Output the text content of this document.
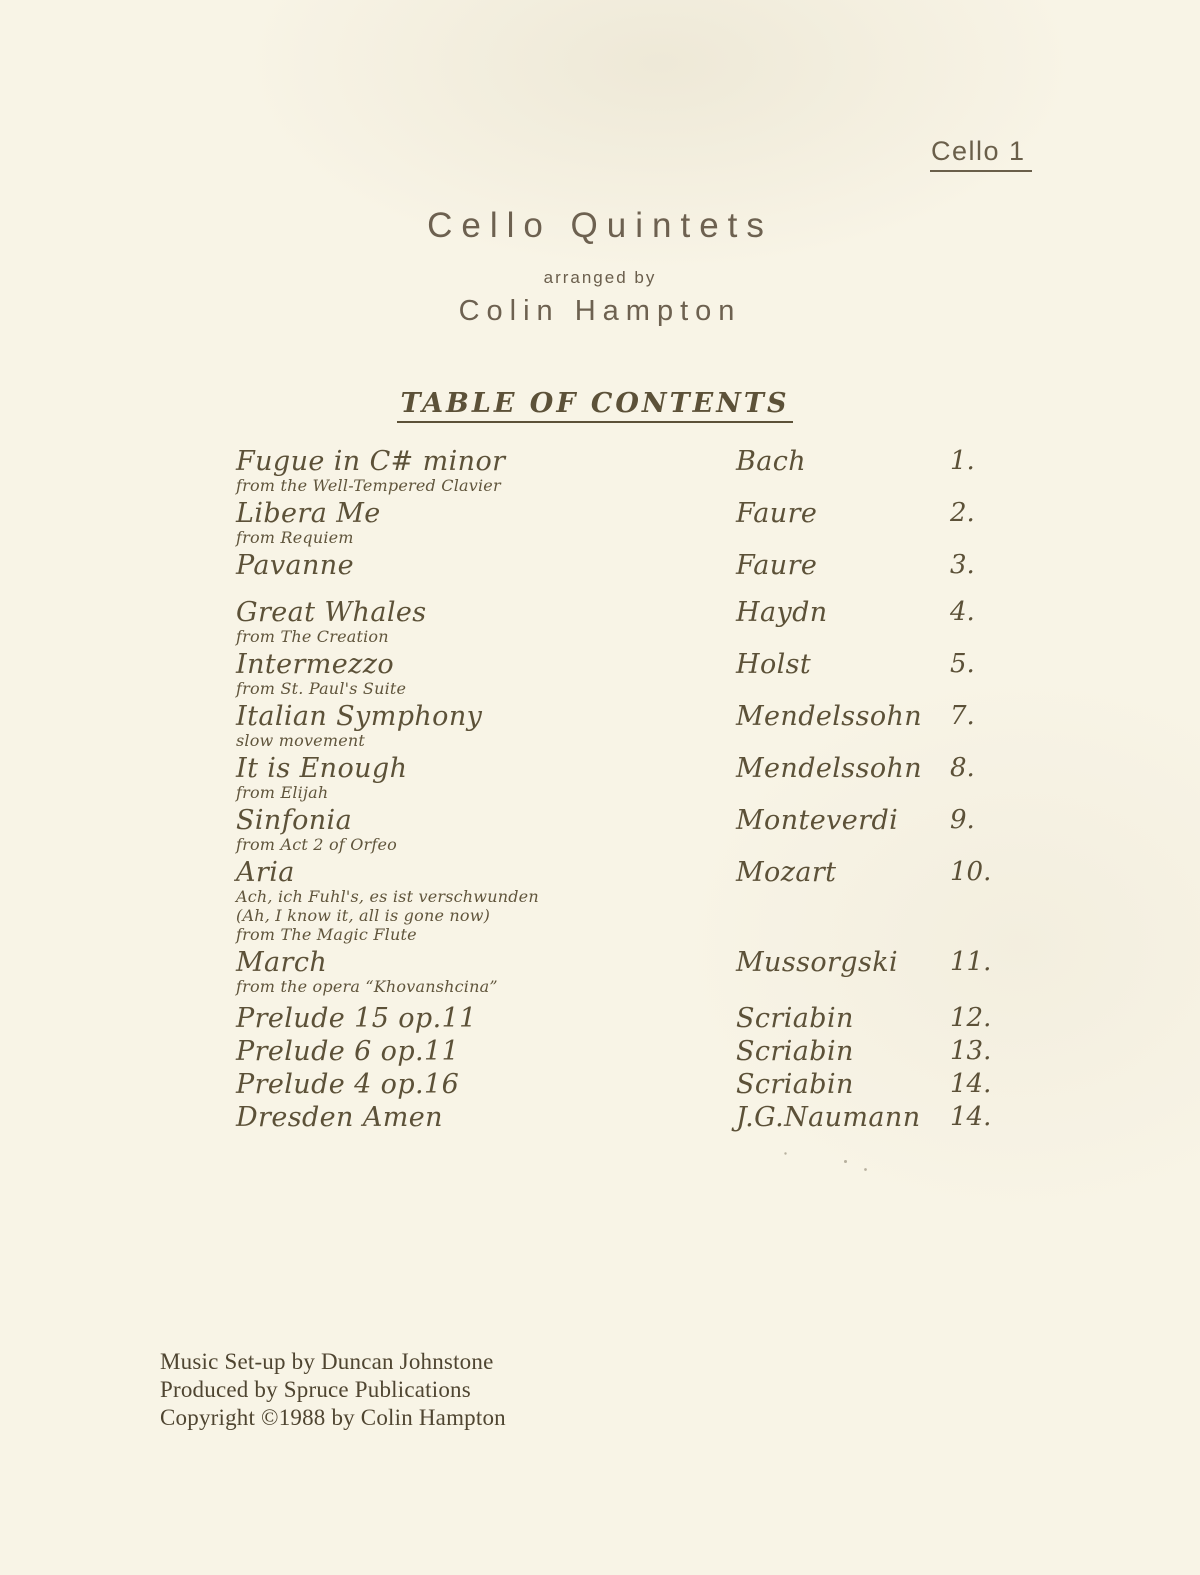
Cello 1
Cello Quintets
arranged by
Colin Hampton
TABLE OF CONTENTS
Fugue in C# minor
from the Well-Tempered Clavier
Bach	1.
Libera Me
from Requiem
Faure	2.
Pavanne	Faure	3.
Great Whales
from The Creation
Haydn	4.
Intermezzo
from St. Paul's Suite
Holst	5.
Italian Symphony
slow movement
Mendelssohn	7.
It is Enough
from Elijah
Mendelssohn	8.
Sinfonia
from Act 2 of Orfeo
Monteverdi	9.
Aria
Ach, ich Fuhl's, es ist verschwunden
(Ah, I know it, all is gone now)
from The Magic Flute
Mozart	10.
March
from the opera “Khovanshcina”
Mussorgski	11.
Prelude 15 op.11	Scriabin	12.
Prelude 6 op.11	Scriabin	13.
Prelude 4 op.16	Scriabin	14.
Dresden Amen	J.G.Naumann	14.
Music Set-up by Duncan Johnstone
Produced by Spruce Publications
Copyright ©1988 by Colin Hampton
